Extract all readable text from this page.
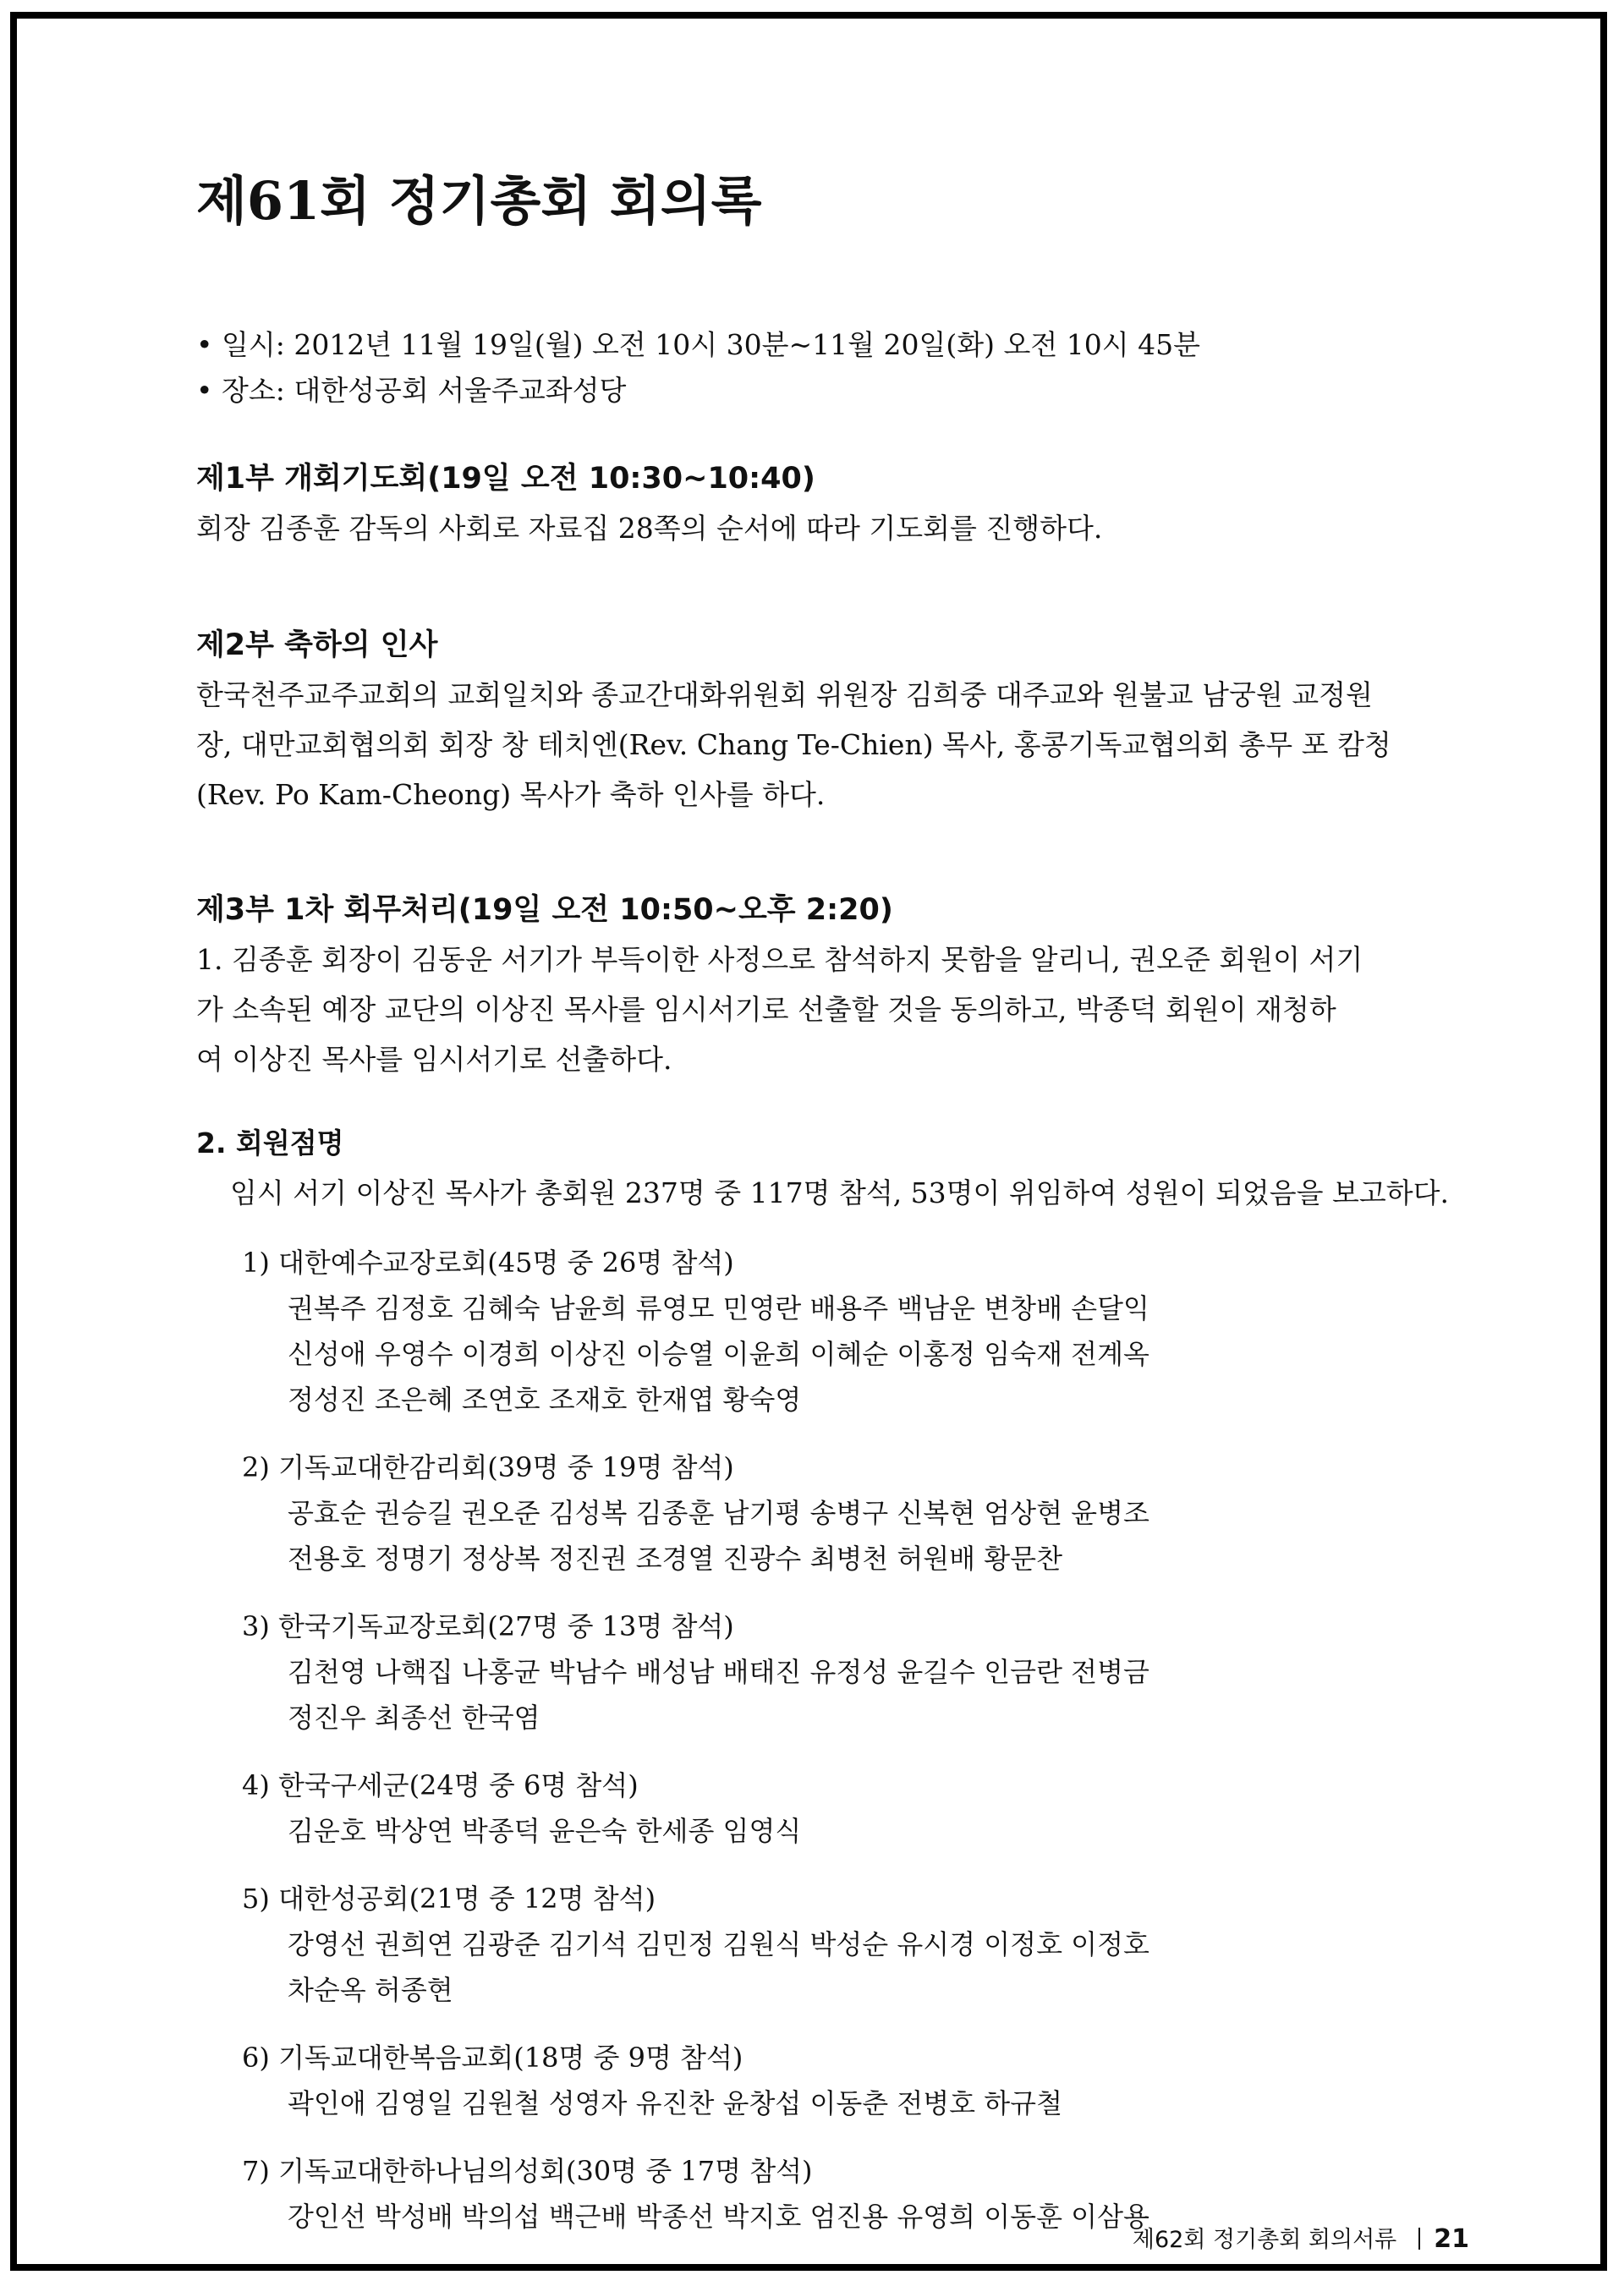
제61회 정기총회 회의록
• 일시: 2012년 11월 19일(월) 오전 10시 30분~11월 20일(화) 오전 10시 45분
• 장소: 대한성공회 서울주교좌성당
제1부 개회기도회(19일 오전 10:30~10:40)
회장 김종훈 감독의 사회로 자료집 28쪽의 순서에 따라 기도회를 진행하다.
제2부 축하의 인사
한국천주교주교회의 교회일치와 종교간대화위원회 위원장 김희중 대주교와 원불교 남궁원 교정원
장, 대만교회협의회 회장 창 테치엔(Rev. Chang Te-Chien) 목사, 홍콩기독교협의회 총무 포 캄청
(Rev. Po Kam-Cheong) 목사가 축하 인사를 하다.
제3부 1차 회무처리(19일 오전 10:50~오후 2:20)
1. 김종훈 회장이 김동운 서기가 부득이한 사정으로 참석하지 못함을 알리니, 권오준 회원이 서기
가 소속된 예장 교단의 이상진 목사를 임시서기로 선출할 것을 동의하고, 박종덕 회원이 재청하
여 이상진 목사를 임시서기로 선출하다.
2. 회원점명
임시 서기 이상진 목사가 총회원 237명 중 117명 참석, 53명이 위임하여 성원이 되었음을 보고하다.
1) 대한예수교장로회(45명 중 26명 참석)
권복주 김정호 김혜숙 남윤희 류영모 민영란 배용주 백남운 변창배 손달익
신성애 우영수 이경희 이상진 이승열 이윤희 이혜순 이홍정 임숙재 전계옥
정성진 조은혜 조연호 조재호 한재엽 황숙영
2) 기독교대한감리회(39명 중 19명 참석)
공효순 권승길 권오준 김성복 김종훈 남기평 송병구 신복현 엄상현 윤병조
전용호 정명기 정상복 정진권 조경열 진광수 최병천 허원배 황문찬
3) 한국기독교장로회(27명 중 13명 참석)
김천영 나핵집 나홍균 박남수 배성남 배태진 유정성 윤길수 인금란 전병금
정진우 최종선 한국염
4) 한국구세군(24명 중 6명 참석)
김운호 박상연 박종덕 윤은숙 한세종 임영식
5) 대한성공회(21명 중 12명 참석)
강영선 권희연 김광준 김기석 김민정 김원식 박성순 유시경 이정호 이정호
차순옥 허종현
6) 기독교대한복음교회(18명 중 9명 참석)
곽인애 김영일 김원철 성영자 유진찬 윤창섭 이동춘 전병호 하규철
7) 기독교대한하나님의성회(30명 중 17명 참석)
강인선 박성배 박의섭 백근배 박종선 박지호 엄진용 유영희 이동훈 이삼용
제62회 정기총회 회의서류 21
